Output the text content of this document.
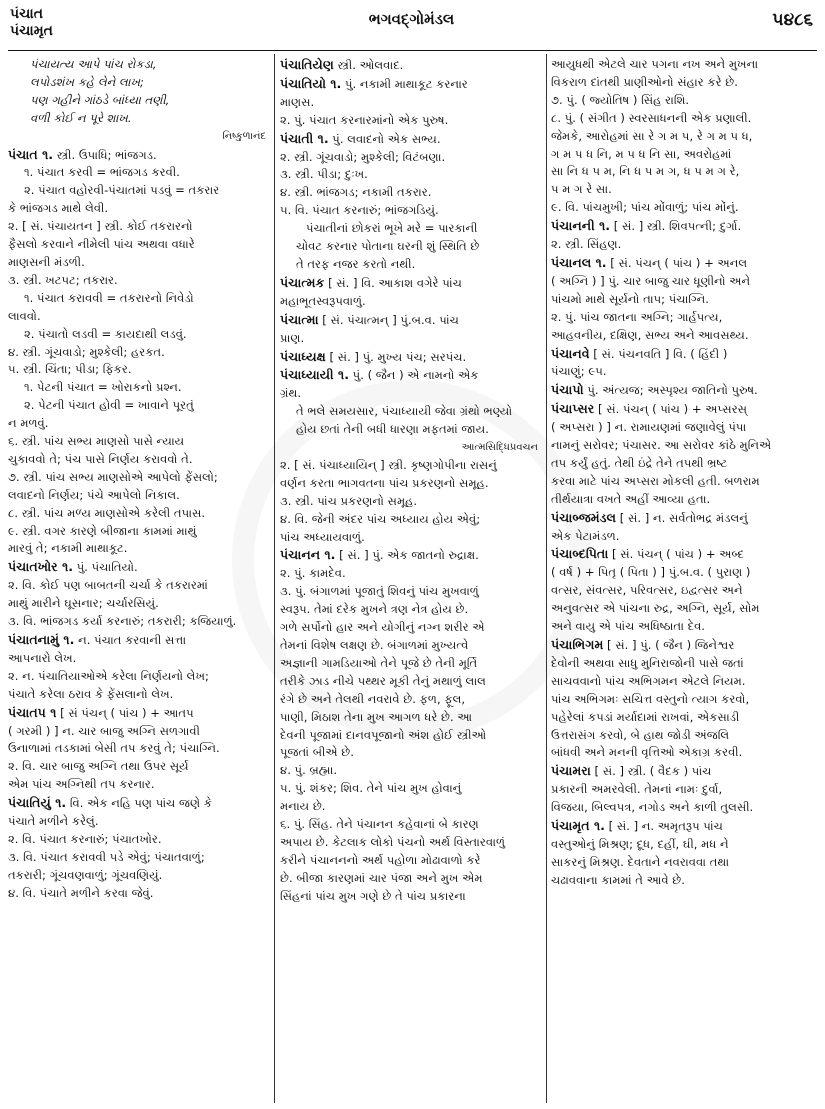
પંચાત
પંચામૃત
ભગવદ્ગોમંડલ	૫૪૮૬
પંચાયત્ય આપે પાંચ રોકડા,
લપોડશંખ કહે લેને લાખ;
પણ ગહીને ગાંઠડે બાંધ્યા તણી,
વળી કોઈ ન પૂરે શાખ.
નિષ્કુળાનંદ
પંચાત ૧. સ્ત્રી. ઉપાધિ; ભાંજગડ.
૧. પંચાત કરવી = ભાંજગડ કરવી.
૨. પંચાત વહોરવી-પંચાતમાં પડવું = તકરાર
કે ભાંજગડ માથે લેવી.
૨. [ સં. પંચાયતન ] સ્ત્રી. કોઈ તકરારનો
ફૈસલો કરવાને નીમેલી પાંચ અથવા વધારે
માણસની મંડળી.
૩. સ્ત્રી. ખટપટ; તકરાર.
૧. પંચાત કરાવવી = તકરારનો નિવેડો
લાવવો.
૨. પંચાતો લડવી = કાયદાથી લડવું.
૪. સ્ત્રી. ગૂંચવાડો; મુશ્કેલી; હરકત.
૫. સ્ત્રી. ચિંતા; પીડા; ફિકર.
૧. પેટની પંચાત = ખોરાકનો પ્રશ્ન.
૨. પેટની પંચાત હોવી = ખાવાને પૂરતું
ન મળવું.
૬. સ્ત્રી. પાંચ સભ્ય માણસો પાસે ન્યાય
ચુકાવવો તે; પંચ પાસે નિર્ણય કરાવવો તે.
૭. સ્ત્રી. પાંચ સભ્ય માણસોએ આપેલો ફેંસલો;
લવાદનો નિર્ણય; પંચે આપેલો નિકાલ.
૮. સ્ત્રી. પાંચ મળ્ય માણસોએ કરેલી તપાસ.
૯. સ્ત્રી. વગર કારણે બીજાના કામમાં માથું
મારવું તે; નકામી માથાકૂટ.
પંચાતખોર ૧. પું. પંચાતિયો.
૨. વિ. કોઈ પણ બાબતની ચર્ચા કે તકરારમાં
માથું મારીને ઘૂસનાર; ચર્ચારસિયું.
૩. વિ. ભાંજગડ કર્યા કરનારું; તકરારી; કજિયાળું.
પંચાતનામું ૧. ન. પંચાત કરવાની સત્તા
આપનારો લેખ.
૨. ન. પંચાતિયાઓએ કરેલા નિર્ણયનો લેખ;
પંચાતે કરેલા ઠરાવ કે ફેંસલાનો લેખ.
પંચાતપ ૧ [ સં પંચન્ ( પાંચ ) + આતપ
( ગરમી ) ] ન. ચાર બાજુ અગ્નિ સળગાવી
ઉનાળામાં તડકામાં બેસી તપ કરવું તે; પંચાગ્નિ.
૨. વિ. ચાર બાજુ અગ્નિ તથા ઉપર સૂર્ય
એમ પાંચ અગ્નિથી તપ કરનાર.
પંચાતિયું ૧. વિ. એક નહિ પણ પાંચ જણે કે
પંચાતે મળીને કરેલું.
૨. વિ. પંચાત કરનારું; પંચાતખોર.
૩. વિ. પંચાત કરાવવી પડે એવું; પંચાતવાળું;
તકરારી; ગૂંચવણવાળું; ગૂંચવણિયું.
૪. વિ. પંચાતે મળીને કરવા જેવું.
પંચાતિયેણ સ્ત્રી. ઓલવાદ.
પંચાતિયો ૧. પું. નકામી માથાકૂટ કરનાર
માણસ.
૨. પું. પંચાત કરનારમાંનો એક પુરુષ.
પંચાતી ૧. પું. લવાદનો એક સભ્ય.
૨. સ્ત્રી. ગૂંચવાડો; મુશ્કેલી; વિટંબણા.
૩. સ્ત્રી. પીડા; દુઃખ.
૪. સ્ત્રી. ભાંજગડ; નકામી તકરાર.
૫. વિ. પંચાત કરનારું; ભાંજગડિયું.
પંચાતીનાં છોકરાં ભૂખે મરે = પારકાની
ચોવટ કરનાર પોતાના ઘરની શું સ્થિતિ છે
તે તરફ નજર કરતો નથી.
પંચાત્મક [ સં. ] વિ. આકાશ વગેરે પાંચ
મહાભૂતસ્વરૂપવાળું.
પંચાત્મા [ સં. પંચાત્મન્ ] પું.બ.વ. પાંચ
પ્રાણ.
પંચાધ્યક્ષ [ સં. ] પું. મુખ્ય પંચ; સરપંચ.
પંચાધ્યાયી ૧. પું. ( જૈન ) એ નામનો એક
ગ્રંથ.
તે ભલે સમયસાર, પંચાધ્યાયી જેવા ગ્રંથો ભણ્યો
હોય છતાં તેની બધી ધારણા મફતમાં જાય.
આત્મસિદ્ધિપ્રવચન
૨. [ સં. પંચાધ્યાયિન્ ] સ્ત્રી. કૃષ્ણગોપીના રાસનું
વર્ણન કરતા ભાગવતના પાંચ પ્રકરણનો સમૂહ.
૩. સ્ત્રી. પાંચ પ્રકરણનો સમૂહ.
૪. વિ. જેની અંદર પાંચ અધ્યાય હોય એવું;
પાંચ અધ્યાયવાળું.
પંચાનન ૧. [ સં. ] પું. એક જાતનો રુદ્રાક્ષ.
૨. પું. કામદેવ.
૩. પું. બંગાળમાં પૂજાતું શિવનું પાંચ મુખવાળું
સ્વરૂપ. તેમાં દરેક મુખને ત્રણ નેત્ર હોય છે.
ગળે સર્પોનો હાર અને યોગીનું નગ્ન શરીર એ
તેમનાં વિશેષ લક્ષણ છે. બંગાળમાં મુખ્યત્વે
અજ્ઞાની ગામડિયાઓ તેને પૂજે છે તેની મૂર્તિ
તરીકે ઝાડ નીચે પથ્થર મૂકી તેનું મથાળું લાલ
રંગે છે અને તેલથી નવરાવે છે. ફળ, ફૂલ,
પાણી, મિઠાશ તેના મુખ આગળ ધરે છે. આ
દેવની પૂજામાં દાનવપૂજાનો અંશ હોઈ સ્ત્રીઓ
પૂજતાં બીએ છે.
૪. પું. બ્રહ્મા.
૫. પું. શંકર; શિવ. તેને પાંચ મુખ હોવાનું
મનાય છે.
૬. પું. સિંહ. તેને પંચાનન કહેવાનાં બે કારણ
અપાય છે. કેટલાક લોકો પંચનો અર્થ વિસ્તારવાળું
કરીને પંચાનનનો અર્થ પહોળા મોઢાવાળો કરે
છે. બીજા કારણમાં ચાર પંજા અને મુખ એમ
સિંહનાં પાંચ મુખ ગણે છે તે પાંચ પ્રકારના
આયુધથી એટલે ચાર પગના નખ અને મુખના
વિકરાળ દાંતથી પ્રાણીઓનો સંહાર કરે છે.
૭. પું. ( જ્યોતિષ ) સિંહ રાશિ.
૮. પું. ( સંગીત ) સ્વરસાધનની એક પ્રણાલી.
જેમકે, આરોહમાં સા રે ગ મ પ, રે ગ મ પ ધ,
ગ મ પ ધ નિ, મ પ ધ નિ સા, અવરોહમાં
સા નિ ધ પ મ, નિ ધ પ મ ગ, ધ પ મ ગ રે,
પ મ ગ રે સા.
૯. વિ. પાંચમુખી; પાંચ મોંવાળું; પાંચ મોંનું.
પંચાનની ૧. [ સં. ] સ્ત્રી. શિવપત્ની; દુર્ગા.
૨. સ્ત્રી. સિંહણ.
પંચાનલ ૧. [ સં. પંચન્ ( પાંચ ) + અનલ
( અગ્નિ ) ] પું. ચાર બાજુ ચાર ધૂણીનો અને
પાંચમો માથે સૂર્યનો તાપ; પંચાગ્નિ.
૨. પું. પાંચ જાતના અગ્નિ; ગાર્હપત્ય,
આહવનીય, દક્ષિણ, સભ્ય અને આવસથ્ય.
પંચાનવે [ સં. પંચનવતિ ] વિ. ( હિંદી )
પંચાણું; ૯૫.
પંચાપો પું. અંત્યજ; અસ્પૃશ્ય જાતિનો પુરુષ.
પંચાપ્સર [ સં. પંચન્ ( પાંચ ) + અપ્સરસ્
( અપ્સરા ) ] ન. રામાયણમાં જણાવેલું પંપા
નામનું સરોવર; પંચાસર. આ સરોવર કાંઠે મુનિએ
તપ કર્યું હતું. તેથી ઇંદ્રે તેને તપથી ભ્રષ્ટ
કરવા માટે પાંચ અપ્સરા મોકલી હતી. બળરામ
તીર્થયાત્રા વખતે અહીં આવ્યા હતા.
પંચાબ્જમંડલ [ સં. ] ન. સર્વતોભદ્ર મંડલનું
એક પેટામંડળ.
પંચાબ્દપિતા [ સં. પંચન્ ( પાંચ ) + અબ્દ
( વર્ષ ) + પિતૃ ( પિતા ) ] પું.બ.વ. ( પુરાણ )
વત્સર, સંવત્સર, પરિવત્સર, ઇદ્વત્સર અને
અનુવત્સર એ પાંચના રુદ્ર, અગ્નિ, સૂર્ય, સોમ
અને વાયુ એ પાંચ અધિષ્ઠાતા દેવ.
પંચાભિગમ [ સં. ] પું. ( જૈન ) જિનેશ્વર
દેવોની અથવા સાધુ મુનિરાજોની પાસે જતાં
સાચવવાનો પાંચ અભિગમન એટલે નિયમ.
પાંચ અભિગમઃ સચિત્ત વસ્તુનો ત્યાગ કરવો,
પહેરેલાં કપડાં મર્યાદામાં રાખવાં, એકસાડી
ઉત્તરાસંગ કરવો, બે હાથ જોડી અંજલિ
બાંધવી અને મનની વૃત્તિઓ એકાગ્ર કરવી.
પંચામરા [ સં. ] સ્ત્રી. ( વૈદક ) પાંચ
પ્રકારની અમરવેલી. તેમનાં નામઃ દુર્વા,
વિજયા, બિલ્વપત્ર, નગોડ અને કાળી તુલસી.
પંચામૃત ૧. [ સં. ] ન. અમૃતરૂપ પાંચ
વસ્તુઓનું મિશ્રણ; દૂધ, દહીં, ઘી, મધ ને
સાકરનું મિશ્રણ. દેવતાને નવરાવવા તથા
ચઢાવવાના કામમાં તે આવે છે.
